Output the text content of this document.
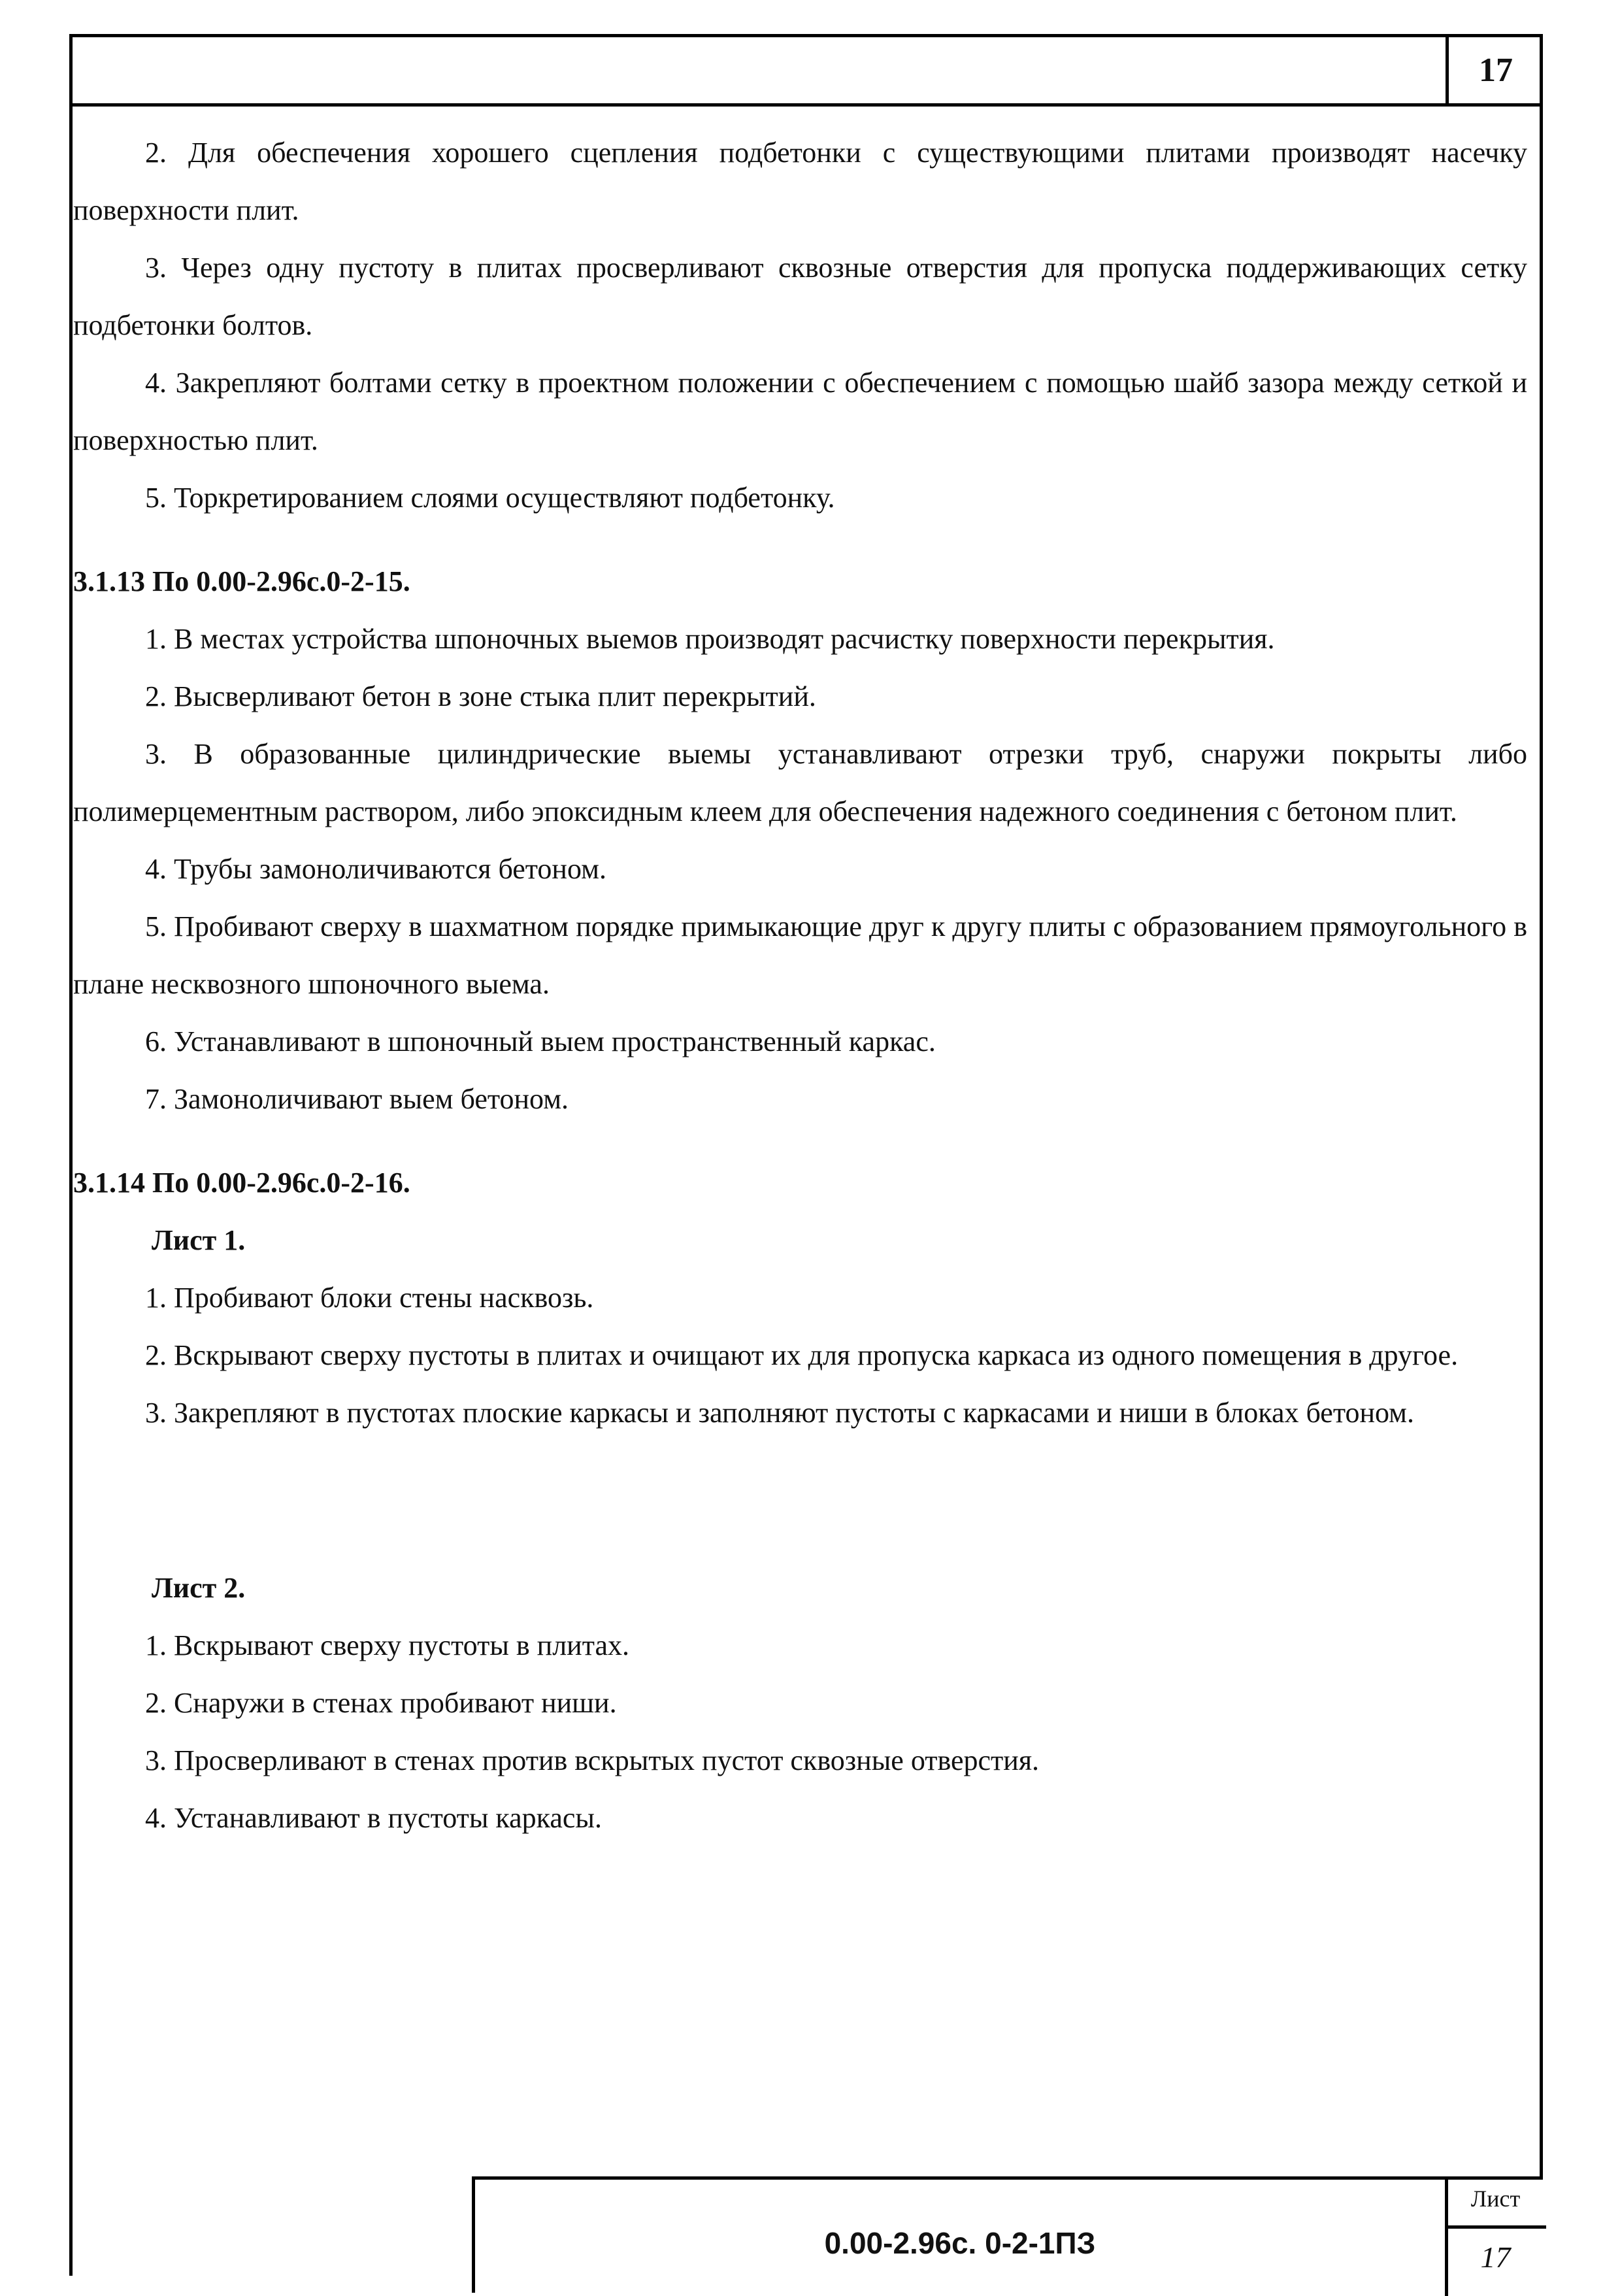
17

2. Для обеспечения хорошего сцепления подбетонки с существующими плитами производят насечку поверхности плит.

3. Через одну пустоту в плитах просверливают сквозные отверстия для пропуска поддерживающих сетку подбетонки болтов.

4. Закрепляют болтами сетку в проектном положении с обеспечением с помощью шайб зазора между сеткой и поверхностью плит.

5. Торкретированием слоями осуществляют подбетонку.

3.1.13 По 0.00-2.96с.0-2-15.

1. В местах устройства шпоночных выемов производят расчистку поверхности перекрытия.

2. Высверливают бетон в зоне стыка плит перекрытий.

3. В образованные цилиндрические выемы устанавливают отрезки труб, снаружи покрыты либо полимерцементным раствором, либо эпоксидным клеем для обеспечения надежного соединения с бетоном плит.

4. Трубы замоноличиваются бетоном.

5. Пробивают сверху в шахматном порядке примыкающие друг к другу плиты с образованием прямоугольного в плане несквозного шпоночного выема.

6. Устанавливают в шпоночный выем пространственный каркас.

7. Замоноличивают выем бетоном.

3.1.14 По 0.00-2.96с.0-2-16.

Лист 1.

1. Пробивают блоки стены насквозь.

2. Вскрывают сверху пустоты в плитах и очищают их для пропуска каркаса из одного помещения в другое.

3. Закрепляют в пустотах плоские каркасы и заполняют пустоты с каркасами и ниши в блоках бетоном.

Лист 2.

1. Вскрывают сверху пустоты в плитах.

2. Снаружи в стенах пробивают ниши.

3. Просверливают в стенах против вскрытых пустот сквозные отверстия.

4. Устанавливают в пустоты каркасы.

0.00-2.96с. 0-2-1ПЗ
Лист
17
